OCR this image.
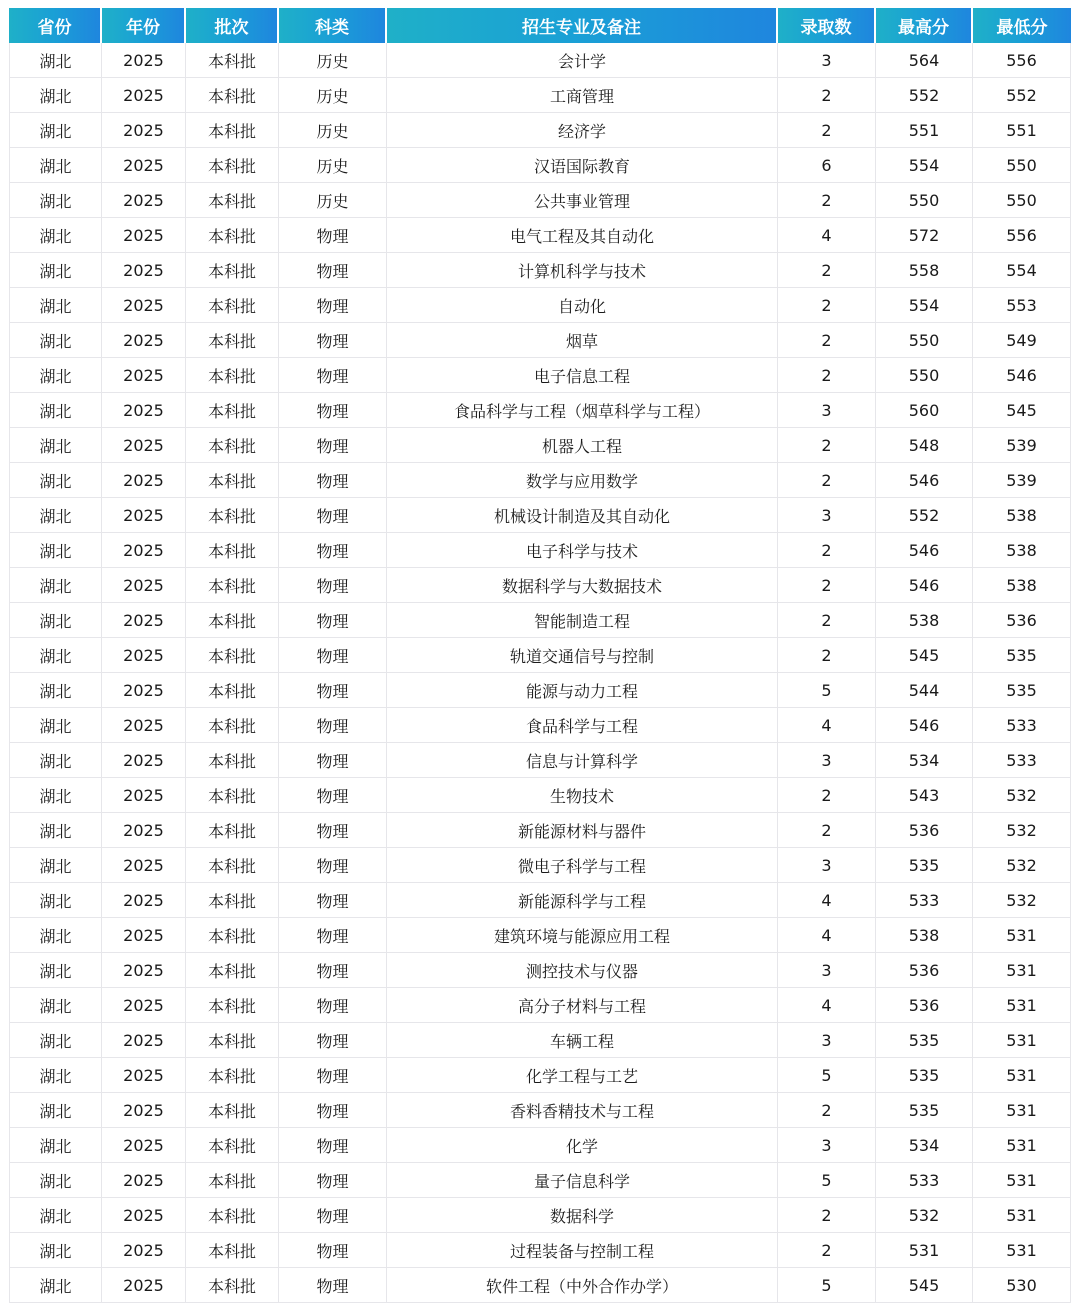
省份	年份	批次	科类	招生专业及备注	录取数	最高分	最低分
湖北	2025	本科批	历史	会计学	3	564	556
湖北	2025	本科批	历史	工商管理	2	552	552
湖北	2025	本科批	历史	经济学	2	551	551
湖北	2025	本科批	历史	汉语国际教育	6	554	550
湖北	2025	本科批	历史	公共事业管理	2	550	550
湖北	2025	本科批	物理	电气工程及其自动化	4	572	556
湖北	2025	本科批	物理	计算机科学与技术	2	558	554
湖北	2025	本科批	物理	自动化	2	554	553
湖北	2025	本科批	物理	烟草	2	550	549
湖北	2025	本科批	物理	电子信息工程	2	550	546
湖北	2025	本科批	物理	食品科学与工程（烟草科学与工程）	3	560	545
湖北	2025	本科批	物理	机器人工程	2	548	539
湖北	2025	本科批	物理	数学与应用数学	2	546	539
湖北	2025	本科批	物理	机械设计制造及其自动化	3	552	538
湖北	2025	本科批	物理	电子科学与技术	2	546	538
湖北	2025	本科批	物理	数据科学与大数据技术	2	546	538
湖北	2025	本科批	物理	智能制造工程	2	538	536
湖北	2025	本科批	物理	轨道交通信号与控制	2	545	535
湖北	2025	本科批	物理	能源与动力工程	5	544	535
湖北	2025	本科批	物理	食品科学与工程	4	546	533
湖北	2025	本科批	物理	信息与计算科学	3	534	533
湖北	2025	本科批	物理	生物技术	2	543	532
湖北	2025	本科批	物理	新能源材料与器件	2	536	532
湖北	2025	本科批	物理	微电子科学与工程	3	535	532
湖北	2025	本科批	物理	新能源科学与工程	4	533	532
湖北	2025	本科批	物理	建筑环境与能源应用工程	4	538	531
湖北	2025	本科批	物理	测控技术与仪器	3	536	531
湖北	2025	本科批	物理	高分子材料与工程	4	536	531
湖北	2025	本科批	物理	车辆工程	3	535	531
湖北	2025	本科批	物理	化学工程与工艺	5	535	531
湖北	2025	本科批	物理	香料香精技术与工程	2	535	531
湖北	2025	本科批	物理	化学	3	534	531
湖北	2025	本科批	物理	量子信息科学	5	533	531
湖北	2025	本科批	物理	数据科学	2	532	531
湖北	2025	本科批	物理	过程装备与控制工程	2	531	531
湖北	2025	本科批	物理	软件工程（中外合作办学）	5	545	530
